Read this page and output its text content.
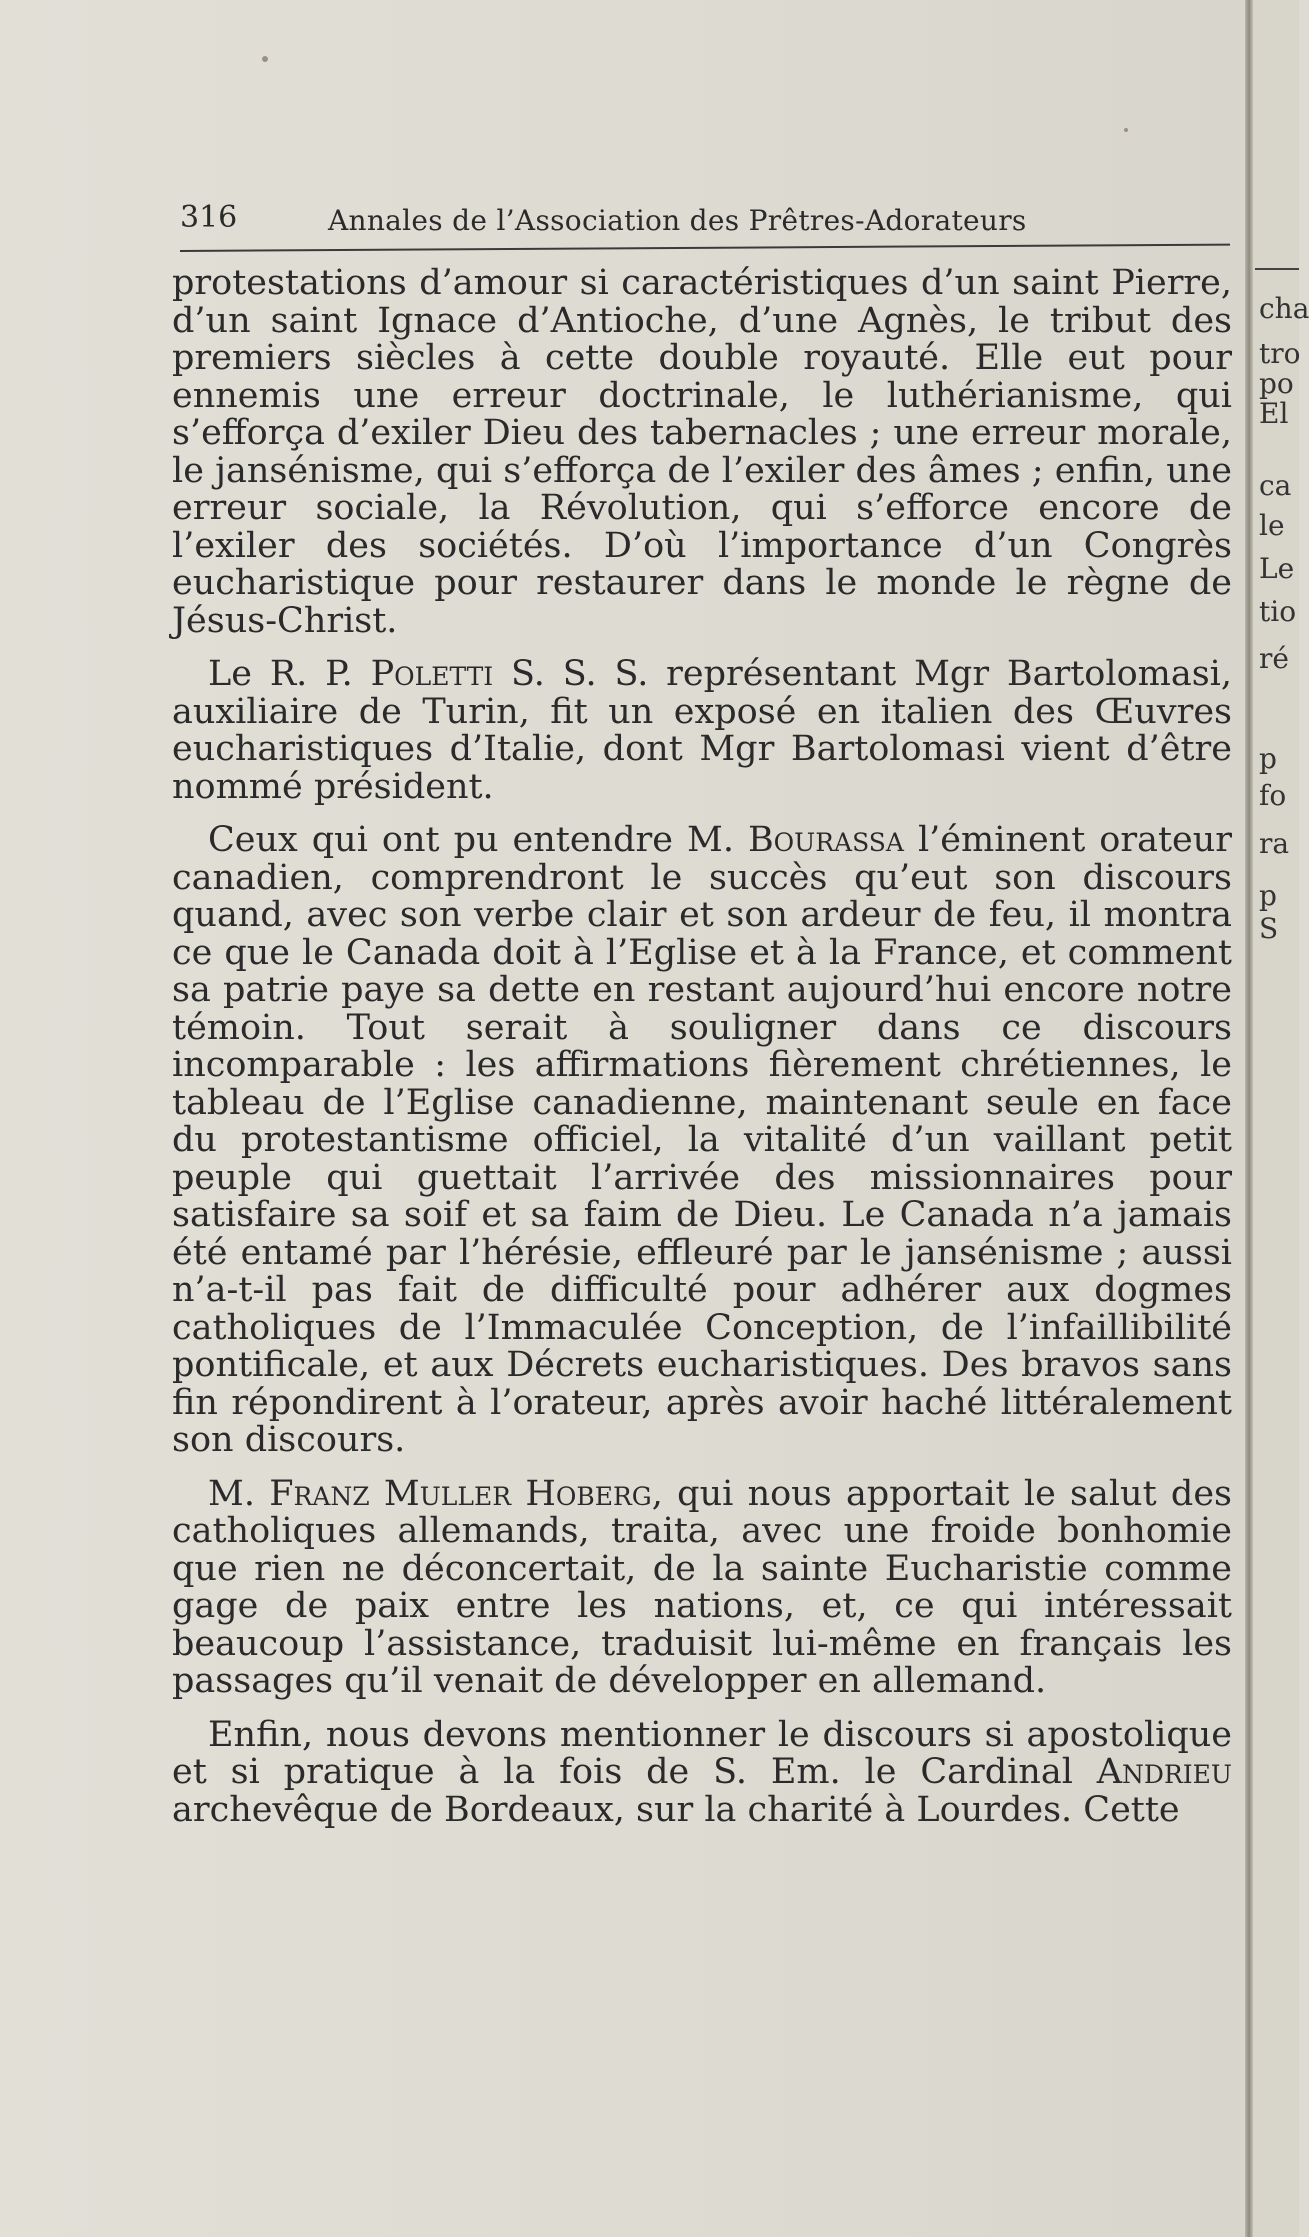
316	Annales de l’Association des Prêtres-Adorateurs

protestations d’amour si caractéristiques d’un saint Pierre, d’un saint Ignace d’Antioche, d’une Agnès, le tribut des premiers siècles à cette double royauté. Elle eut pour ennemis une erreur doctrinale, le luthérianisme, qui s’efforça d’exiler Dieu des tabernacles ; une erreur morale, le jansénisme, qui s’efforça de l’exiler des âmes ; enfin, une erreur sociale, la Révolution, qui s’efforce encore de l’exiler des sociétés. D’où l’importance d’un Congrès eucharistique pour restaurer dans le monde le règne de Jésus-Christ.

Le R. P. Poletti S. S. S. représentant Mgr Bartolomasi, auxiliaire de Turin, fit un exposé en italien des Œuvres eucharistiques d’Italie, dont Mgr Bartolomasi vient d’être nommé président.

Ceux qui ont pu entendre M. Bourassa l’éminent orateur canadien, comprendront le succès qu’eut son discours quand, avec son verbe clair et son ardeur de feu, il montra ce que le Canada doit à l’Eglise et à la France, et comment sa patrie paye sa dette en restant aujourd’hui encore notre témoin. Tout serait à souligner dans ce discours incomparable : les affirmations fièrement chrétiennes, le tableau de l’Eglise canadienne, maintenant seule en face du protestantisme officiel, la vitalité d’un vaillant petit peuple qui guettait l’arrivée des missionnaires pour satisfaire sa soif et sa faim de Dieu. Le Canada n’a jamais été entamé par l’hérésie, effleuré par le jansénisme ; aussi n’a-t-il pas fait de difficulté pour adhérer aux dogmes catholiques de l’Immaculée Conception, de l’infaillibilité pontificale, et aux Décrets eucharistiques. Des bravos sans fin répondirent à l’orateur, après avoir haché littéralement son discours.

M. Franz Muller Hoberg, qui nous apportait le salut des catholiques allemands, traita, avec une froide bonhomie que rien ne déconcertait, de la sainte Eucharistie comme gage de paix entre les nations, et, ce qui intéressait beaucoup l’assistance, traduisit lui-même en français les passages qu’il venait de développer en allemand.

Enfin, nous devons mentionner le discours si apostolique et si pratique à la fois de S. Em. le Cardinal Andrieu archevêque de Bordeaux, sur la charité à Lourdes. Cette

cha
tro
po
El
ca
le
Le
tio
ré
p
fo
ra
p
S
